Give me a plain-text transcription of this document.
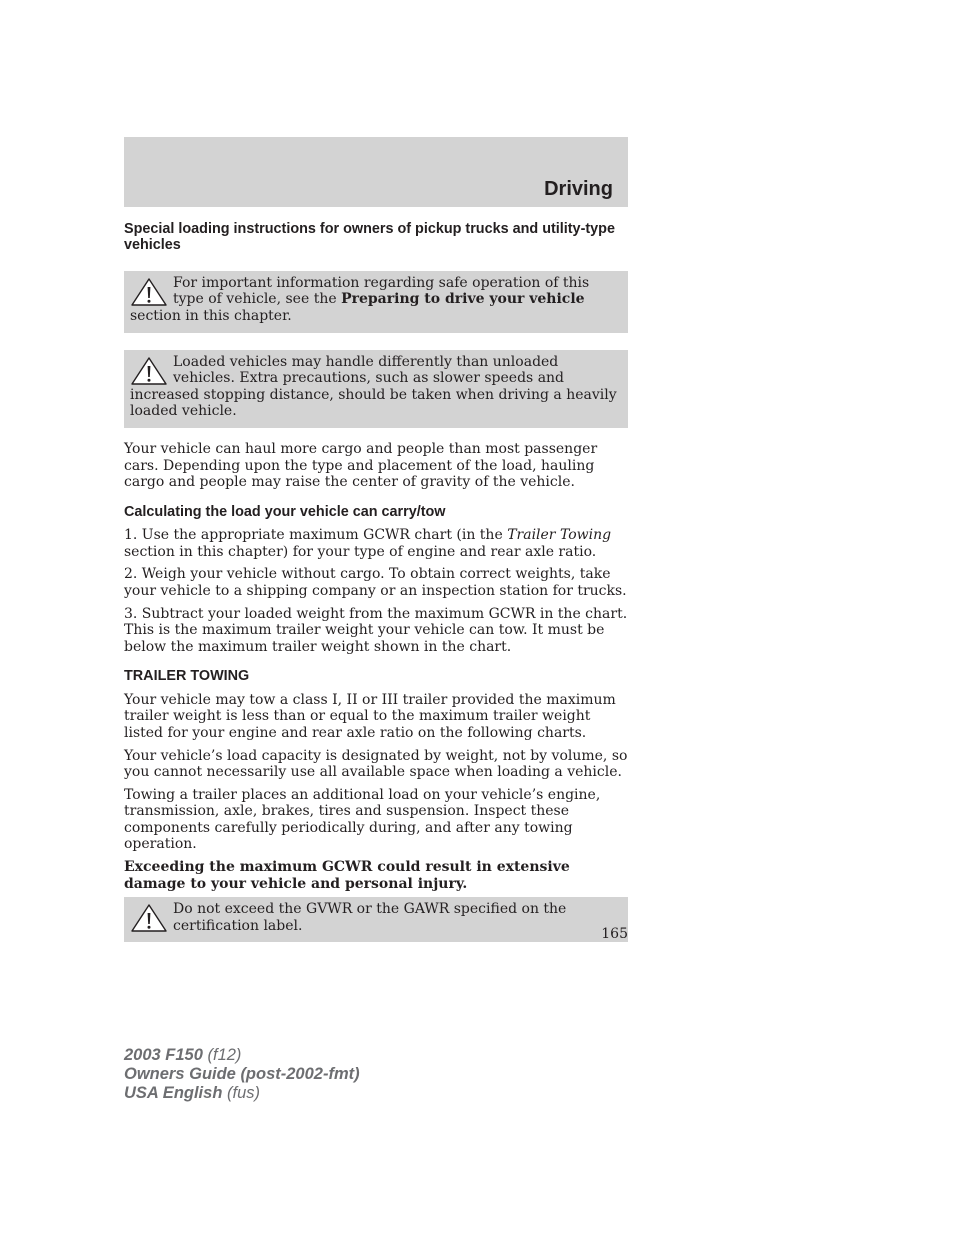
Driving
Special loading instructions for owners of pickup trucks and utility-type vehicles
For important information regarding safe operation of this type of vehicle, see the Preparing to drive your vehicle section in this chapter.
Loaded vehicles may handle differently than unloaded vehicles. Extra precautions, such as slower speeds and increased stopping distance, should be taken when driving a heavily loaded vehicle.

Your vehicle can haul more cargo and people than most passenger cars. Depending upon the type and placement of the load, hauling cargo and people may raise the center of gravity of the vehicle.

Calculating the load your vehicle can carry/tow

1. Use the appropriate maximum GCWR chart (in the Trailer Towing section in this chapter) for your type of engine and rear axle ratio.

2. Weigh your vehicle without cargo. To obtain correct weights, take your vehicle to a shipping company or an inspection station for trucks.

3. Subtract your loaded weight from the maximum GCWR in the chart. This is the maximum trailer weight your vehicle can tow. It must be below the maximum trailer weight shown in the chart.

TRAILER TOWING

Your vehicle may tow a class I, II or III trailer provided the maximum trailer weight is less than or equal to the maximum trailer weight listed for your engine and rear axle ratio on the following charts.

Your vehicle’s load capacity is designated by weight, not by volume, so you cannot necessarily use all available space when loading a vehicle.

Towing a trailer places an additional load on your vehicle’s engine, transmission, axle, brakes, tires and suspension. Inspect these components carefully periodically during, and after any towing operation.

Exceeding the maximum GCWR could result in extensive damage to your vehicle and personal injury.

Do not exceed the GVWR or the GAWR specified on the certification label.
165
2003 F150 (f12)
Owners Guide (post-2002-fmt)
USA English (fus)
